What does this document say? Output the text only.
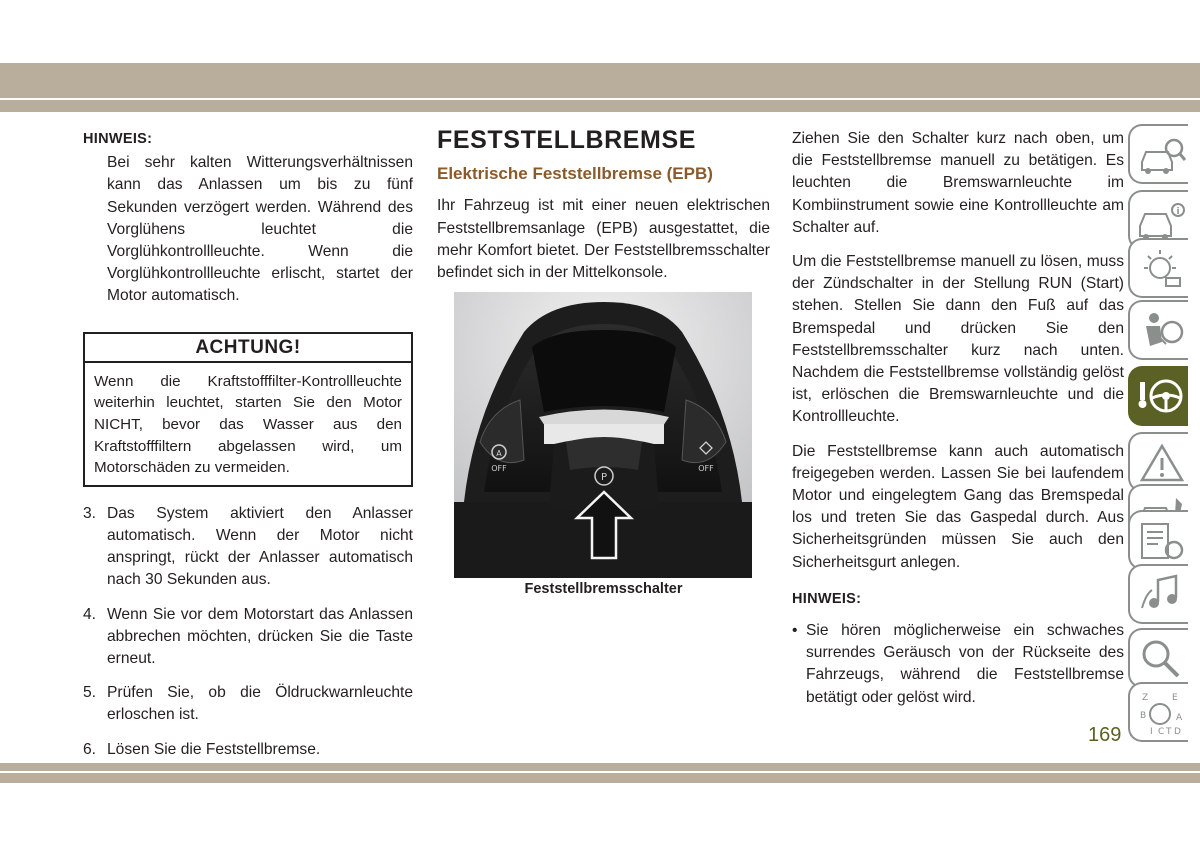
HINWEIS:

Bei sehr kalten Witterungsverhältnissen kann das Anlassen um bis zu fünf Sekunden verzögert werden. Während des Vorglühens leuchtet die Vorglühkontrollleuchte. Wenn die Vorglühkontrollleuchte erlischt, startet der Motor automatisch.

ACHTUNG!
Wenn die Kraftstofffilter-Kontrollleuchte weiterhin leuchtet, starten Sie den Motor NICHT, bevor das Wasser aus den Kraftstofffiltern abgelassen wird, um Motorschäden zu vermeiden.
3. Das System aktiviert den Anlasser automatisch. Wenn der Motor nicht anspringt, rückt der Anlasser automatisch nach 30 Sekunden aus.
4. Wenn Sie vor dem Motorstart das Anlassen abbrechen möchten, drücken Sie die Taste erneut.
5. Prüfen Sie, ob die Öldruckwarnleuchte erloschen ist.
6. Lösen Sie die Feststellbremse.
FESTSTELLBREMSE
Elektrische Feststellbremse (EPB)

Ihr Fahrzeug ist mit einer neuen elektrischen Feststellbremsanlage (EPB) ausgestattet, die mehr Komfort bietet. Der Feststellbremsschalter befindet sich in der Mittelkonsole.

A
OFF	OFF
P

Feststellbremsschalter

Ziehen Sie den Schalter kurz nach oben, um die Feststellbremse manuell zu betätigen. Es leuchten die Bremswarnleuchte im Kombiinstrument sowie eine Kontrollleuchte am Schalter auf.

Um die Feststellbremse manuell zu lösen, muss der Zündschalter in der Stellung RUN (Start) stehen. Stellen Sie dann den Fuß auf das Bremspedal und drücken Sie den Feststellbremsschalter kurz nach unten. Nachdem die Feststellbremse vollständig gelöst ist, erlöschen die Bremswarnleuchte und die Kontrollleuchte.

Die Feststellbremse kann auch automatisch freigegeben werden. Lassen Sie bei laufendem Motor und eingelegtem Gang das Bremspedal los und treten Sie das Gaspedal durch. Aus Sicherheitsgründen müssen Sie auch den Sicherheitsgurt anlegen.

HINWEIS:

• Sie hören möglicherweise ein schwaches surrendes Geräusch von der Rückseite des Fahrzeugs, während die Feststellbremse betätigt oder gelöst wird.
i
Z	E
B	A
I C T D
169
